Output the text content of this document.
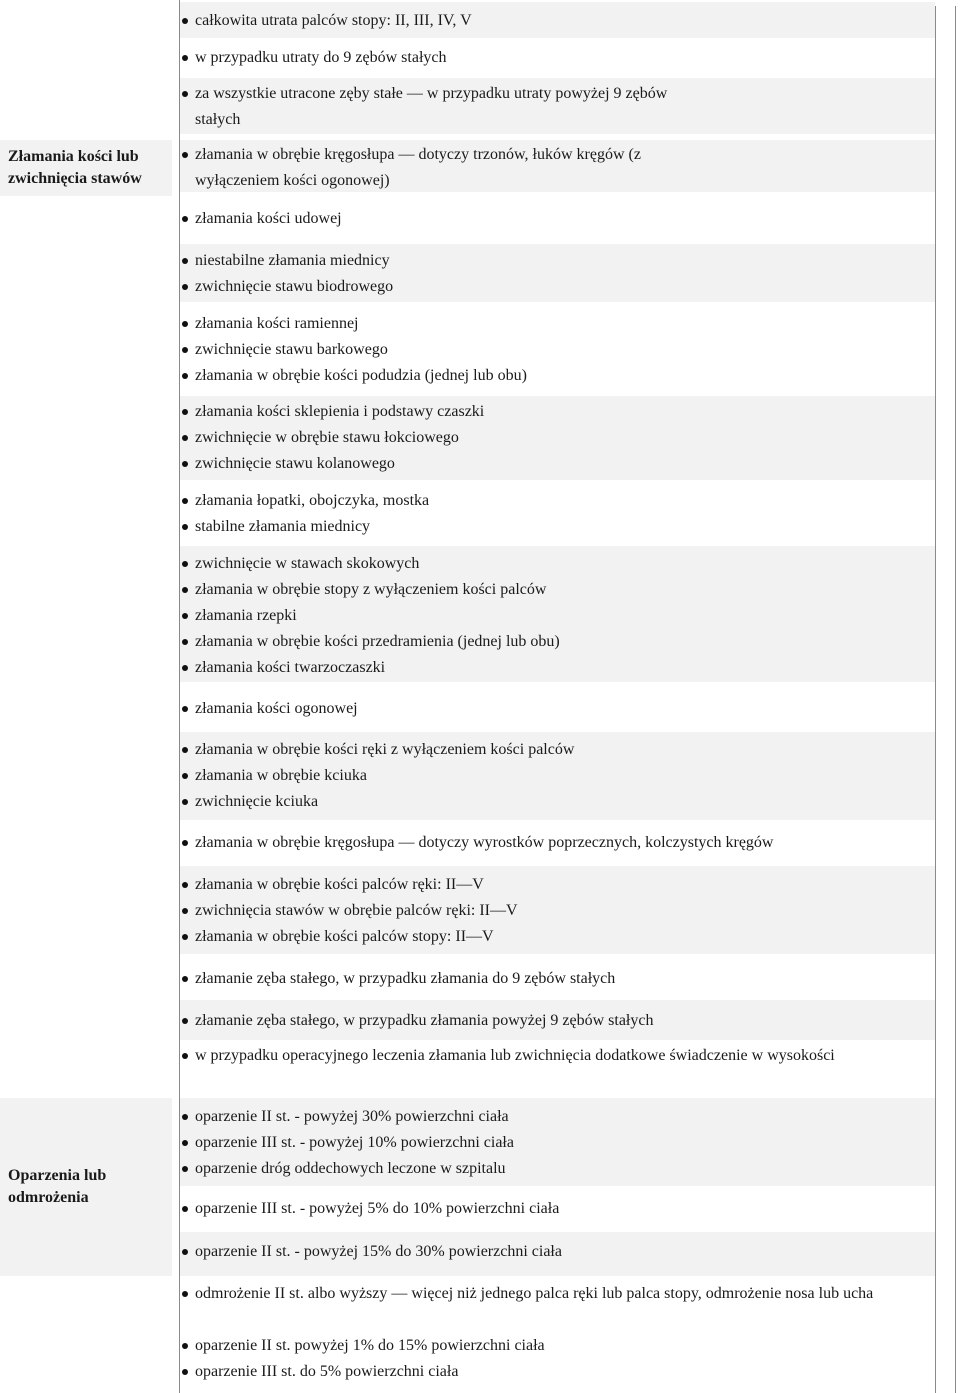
Złamania kości lub zwichnięcia stawów
Oparzenia lub odmrożenia
całkowita utrata palców stopy: II, III, IV, V
w przypadku utraty do 9 zębów stałych
za wszystkie utracone zęby stałe — w przypadku utraty powyżej 9 zębów stałych
złamania w obrębie kręgosłupa — dotyczy trzonów, łuków kręgów (z wyłączeniem kości ogonowej)
złamania kości udowej
niestabilne złamania miednicy
zwichnięcie stawu biodrowego
złamania kości ramiennej
zwichnięcie stawu barkowego
złamania w obrębie kości podudzia (jednej lub obu)
złamania kości sklepienia i podstawy czaszki
zwichnięcie w obrębie stawu łokciowego
zwichnięcie stawu kolanowego
złamania łopatki, obojczyka, mostka
stabilne złamania miednicy
zwichnięcie w stawach skokowych
złamania w obrębie stopy z wyłączeniem kości palców
złamania rzepki
złamania w obrębie kości przedramienia (jednej lub obu)
złamania kości twarzoczaszki
złamania kości ogonowej
złamania w obrębie kości ręki z wyłączeniem kości palców
złamania w obrębie kciuka
zwichnięcie kciuka
złamania w obrębie kręgosłupa — dotyczy wyrostków poprzecznych, kolczystych kręgów
złamania w obrębie kości palców ręki: II—V
zwichnięcia stawów w obrębie palców ręki: II—V
złamania w obrębie kości palców stopy: II—V
złamanie zęba stałego, w przypadku złamania do 9 zębów stałych
złamanie zęba stałego, w przypadku złamania powyżej 9 zębów stałych
w przypadku operacyjnego leczenia złamania lub zwichnięcia dodatkowe świadczenie w wysokości
oparzenie II st. - powyżej 30% powierzchni ciała
oparzenie III st. - powyżej 10% powierzchni ciała
oparzenie dróg oddechowych leczone w szpitalu
oparzenie III st. - powyżej 5% do 10% powierzchni ciała
oparzenie II st. - powyżej 15% do 30% powierzchni ciała
odmrożenie II st. albo wyższy — więcej niż jednego palca ręki lub palca stopy, odmrożenie nosa lub ucha
oparzenie II st. powyżej 1% do 15% powierzchni ciała
oparzenie III st. do 5% powierzchni ciała
